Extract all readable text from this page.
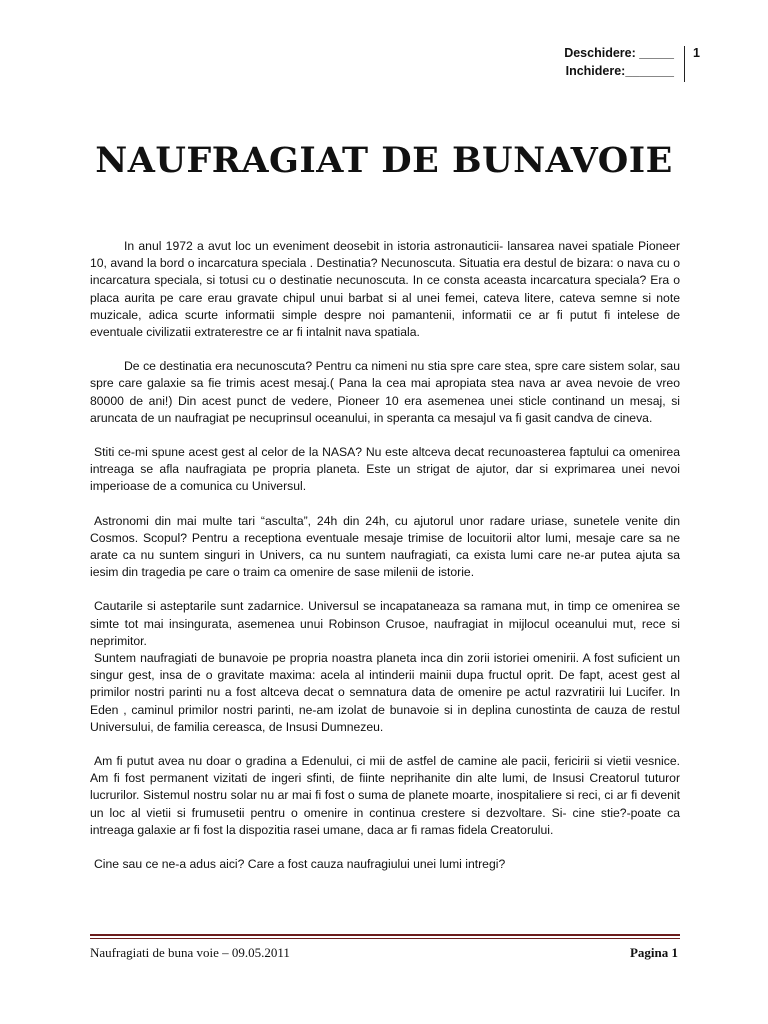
Deschidere: _____
Inchidere:_______
1
NAUFRAGIAT DE BUNAVOIE

In anul 1972 a avut loc un eveniment deosebit in istoria astronauticii- lansarea navei spatiale Pioneer 10, avand la bord o incarcatura speciala . Destinatia? Necunoscuta. Situatia era destul de bizara: o nava cu o incarcatura speciala, si totusi cu o destinatie necunoscuta. In ce consta aceasta incarcatura speciala? Era o placa aurita pe care erau gravate chipul unui barbat si al unei femei, cateva litere, cateva semne si note muzicale, adica scurte informatii simple despre noi pamantenii, informatii ce ar fi putut fi intelese de eventuale civilizatii extraterestre ce ar fi intalnit nava spatiala.

De ce destinatia era necunoscuta? Pentru ca nimeni nu stia spre care stea, spre care sistem solar, sau spre care galaxie sa fie trimis acest mesaj.( Pana la cea mai apropiata stea nava ar avea nevoie de vreo 80000 de ani!) Din acest punct de vedere, Pioneer 10 era asemenea unei sticle continand un mesaj, si aruncata de un naufragiat pe necuprinsul oceanului, in speranta ca mesajul va fi gasit candva de cineva.

Stiti ce-mi spune acest gest al celor de la NASA? Nu este altceva decat recunoasterea faptului ca omenirea intreaga se afla naufragiata pe propria planeta. Este un strigat de ajutor, dar si exprimarea unei nevoi imperioase de a comunica cu Universul.

Astronomi din mai multe tari “asculta”, 24h din 24h, cu ajutorul unor radare uriase, sunetele venite din Cosmos. Scopul? Pentru a receptiona eventuale mesaje trimise de locuitorii altor lumi, mesaje care sa ne arate ca nu suntem singuri in Univers, ca nu suntem naufragiati, ca exista lumi care ne-ar putea ajuta sa iesim din tragedia pe care o traim ca omenire de sase milenii de istorie.

Cautarile si asteptarile sunt zadarnice. Universul se incapataneaza sa ramana mut, in timp ce omenirea se simte tot mai insingurata, asemenea unui Robinson Crusoe, naufragiat in mijlocul oceanului mut, rece si neprimitor.

Suntem naufragiati de bunavoie pe propria noastra planeta inca din zorii istoriei omenirii. A fost suficient un singur gest, insa de o gravitate maxima: acela al intinderii mainii dupa fructul oprit. De fapt, acest gest al primilor nostri parinti nu a fost altceva decat o semnatura data de omenire pe actul razvratirii lui Lucifer. In Eden , caminul primilor nostri parinti, ne-am izolat de bunavoie si in deplina cunostinta de cauza de restul Universului, de familia cereasca, de Insusi Dumnezeu.

Am fi putut avea nu doar o gradina a Edenului, ci mii de astfel de camine ale pacii, fericirii si vietii vesnice. Am fi fost permanent vizitati de ingeri sfinti, de fiinte neprihanite din alte lumi, de Insusi Creatorul tuturor lucrurilor. Sistemul nostru solar nu ar mai fi fost o suma de planete moarte, inospitaliere si reci, ci ar fi devenit un loc al vietii si frumusetii pentru o omenire in continua crestere si dezvoltare. Si- cine stie?-poate ca intreaga galaxie ar fi fost la dispozitia rasei umane, daca ar fi ramas fidela Creatorului.

Cine sau ce ne-a adus aici? Care a fost cauza naufragiului unei lumi intregi?

Naufragiati de buna voie – 09.05.2011	Pagina 1
